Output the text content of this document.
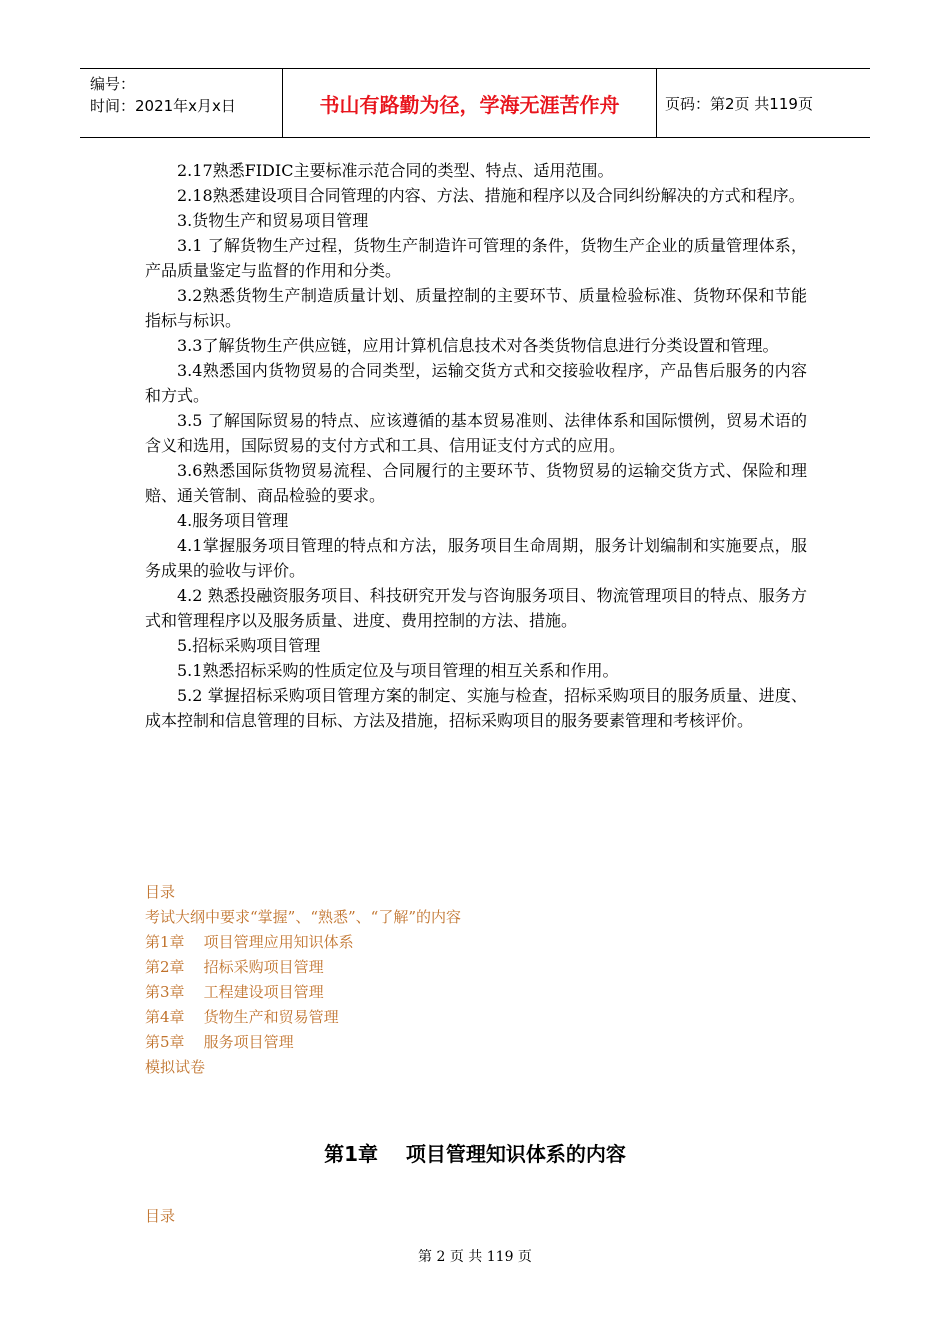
编号：
时间：2021年x月x日	书山有路勤为径，学海无涯苦作舟	页码：第2页 共119页

2.17熟悉FIDIC主要标准示范合同的类型、特点、适用范围。

2.18熟悉建设项目合同管理的内容、方法、措施和程序以及合同纠纷解决的方式和程序。

3.货物生产和贸易项目管理

3.1 了解货物生产过程，货物生产制造许可管理的条件，货物生产企业的质量管理体系，产品质量鉴定与监督的作用和分类。

3.2熟悉货物生产制造质量计划、质量控制的主要环节、质量检验标准、货物环保和节能指标与标识。

3.3了解货物生产供应链，应用计算机信息技术对各类货物信息进行分类设置和管理。

3.4熟悉国内货物贸易的合同类型，运输交货方式和交接验收程序，产品售后服务的内容和方式。

3.5 了解国际贸易的特点、应该遵循的基本贸易准则、法律体系和国际惯例，贸易术语的含义和选用，国际贸易的支付方式和工具、信用证支付方式的应用。

3.6熟悉国际货物贸易流程、合同履行的主要环节、货物贸易的运输交货方式、保险和理赔、通关管制、商品检验的要求。

4.服务项目管理

4.1掌握服务项目管理的特点和方法，服务项目生命周期，服务计划编制和实施要点，服务成果的验收与评价。

4.2 熟悉投融资服务项目、科技研究开发与咨询服务项目、物流管理项目的特点、服务方式和管理程序以及服务质量、进度、费用控制的方法、措施。

5.招标采购项目管理

5.1熟悉招标采购的性质定位及与项目管理的相互关系和作用。

5.2 掌握招标采购项目管理方案的制定、实施与检查，招标采购项目的服务质量、进度、成本控制和信息管理的目标、方法及措施，招标采购项目的服务要素管理和考核评价。

目录
考试大纲中要求“掌握”、“熟悉”、“了解”的内容
第1章    项目管理应用知识体系
第2章    招标采购项目管理
第3章    工程建设项目管理
第4章    货物生产和贸易管理
第5章    服务项目管理
模拟试卷
第1章    项目管理知识体系的内容
目录
第 2 页 共 119 页
